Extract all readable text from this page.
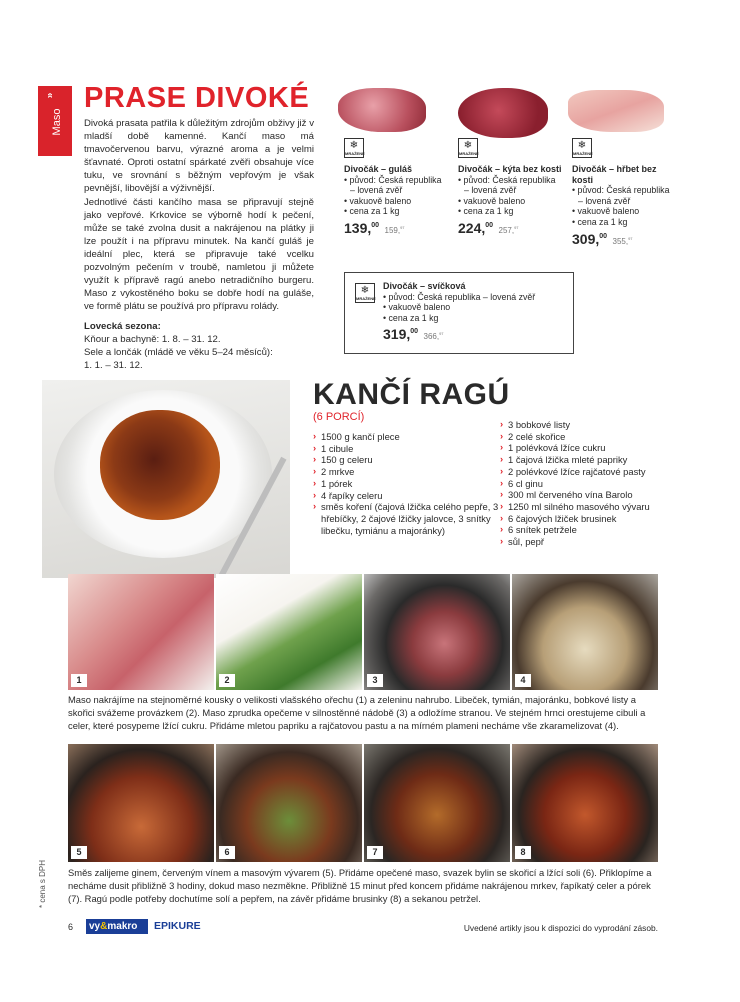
»
Maso
PRASE DIVOKÉ

Divoká prasata patřila k důležitým zdrojům obživy již v mladší době kamenné. Kančí maso má tmavočervenou barvu, výrazné aroma a je velmi šťavnaté. Oproti ostatní spárkaté zvěři obsahuje více tuku, ve srovnání s běžným vepřovým je však pevnější, libovější a výživnější.

Jednotlivé části kančího masa se připravují stejně jako vepřové. Krkovice se výborně hodí k pečení, může se také zvolna dusit a nakrájenou na plátky ji lze použít i na přípravu minutek. Na kančí guláš je ideální plec, která se připravuje také vcelku pozvolným pečením v troubě, namletou ji můžete využít k přípravě ragú anebo netradičního burgeru. Maso z vykostěného boku se dobře hodí na guláše, ve formě plátu se používá pro přípravu rolády.

Lovecká sezona:
Kňour a bachyně: 1. 8. – 31. 12.
Sele a lončák (mládě ve věku 5–24 měsíců):
1. 1. – 31. 12.
❄
MRAŽENÉ
Divočák – guláš
• původ: Česká republika
– lovená zvěř
• vakuově baleno
• cena za 1 kg
139,00 159,97
❄
MRAŽENÉ
Divočák – kýta bez kosti
• původ: Česká republika
– lovená zvěř
• vakuově baleno
• cena za 1 kg
224,00 257,97
❄
MRAŽENÉ
Divočák – hřbet bez kosti
• původ: Česká republika
– lovená zvěř
• vakuově baleno
• cena za 1 kg
309,00 355,97
❄
MRAŽENÉ
Divočák – svíčková
• původ: Česká republika – lovená zvěř
• vakuově baleno
• cena za 1 kg
319,00 366,97
KANČÍ RAGÚ
(6 PORCÍ)
› 1500 g kančí plece
› 1 cibule
› 150 g celeru
› 2 mrkve
› 1 pórek
› 4 řapíky celeru
› směs koření (čajová lžička celého pepře, 3 hřebíčky, 2 čajové lžičky jalovce, 3 snítky libečku, tymiánu a majoránky)
› 3 bobkové listy
› 2 celé skořice
› 1 polévková lžíce cukru
› 1 čajová lžička mleté papriky
› 2 polévkové lžíce rajčatové pasty
› 6 cl ginu
› 300 ml červeného vína Barolo
› 1250 ml silného masového vývaru
› 6 čajových lžiček brusinek
› 6 snítek petržele
› sůl, pepř
1	2	3	4
Maso nakrájíme na stejnoměrné kousky o velikosti vlašského ořechu (1) a zeleninu nahrubo. Libeček, tymián, majoránku, bobkové listy a skořici svážeme provázkem (2). Maso zprudka opečeme v silnostěnné nádobě (3) a odložíme stranou. Ve stejném hrnci orestujeme cibuli a celer, které posypeme lžící cukru. Přidáme mletou papriku a rajčatovou pastu a na mírném plameni necháme vše zkaramelizovat (4).
5	6	7	8
Směs zalijeme ginem, červeným vínem a masovým vývarem (5). Přidáme opečené maso, svazek bylin se skořicí a lžící soli (6). Přiklopíme a necháme dusit přibližně 3 hodiny, dokud maso nezměkne. Přibližně 15 minut před koncem přidáme nakrájenou mrkev, řapíkatý celer a pórek (7). Ragú podle potřeby dochutíme solí a pepřem, na závěr přidáme brusinky (8) a sekanou petržel.
* cena s DPH
6	vy&makro	EPIKURE	Uvedené artikly jsou k dispozici do vyprodání zásob.
